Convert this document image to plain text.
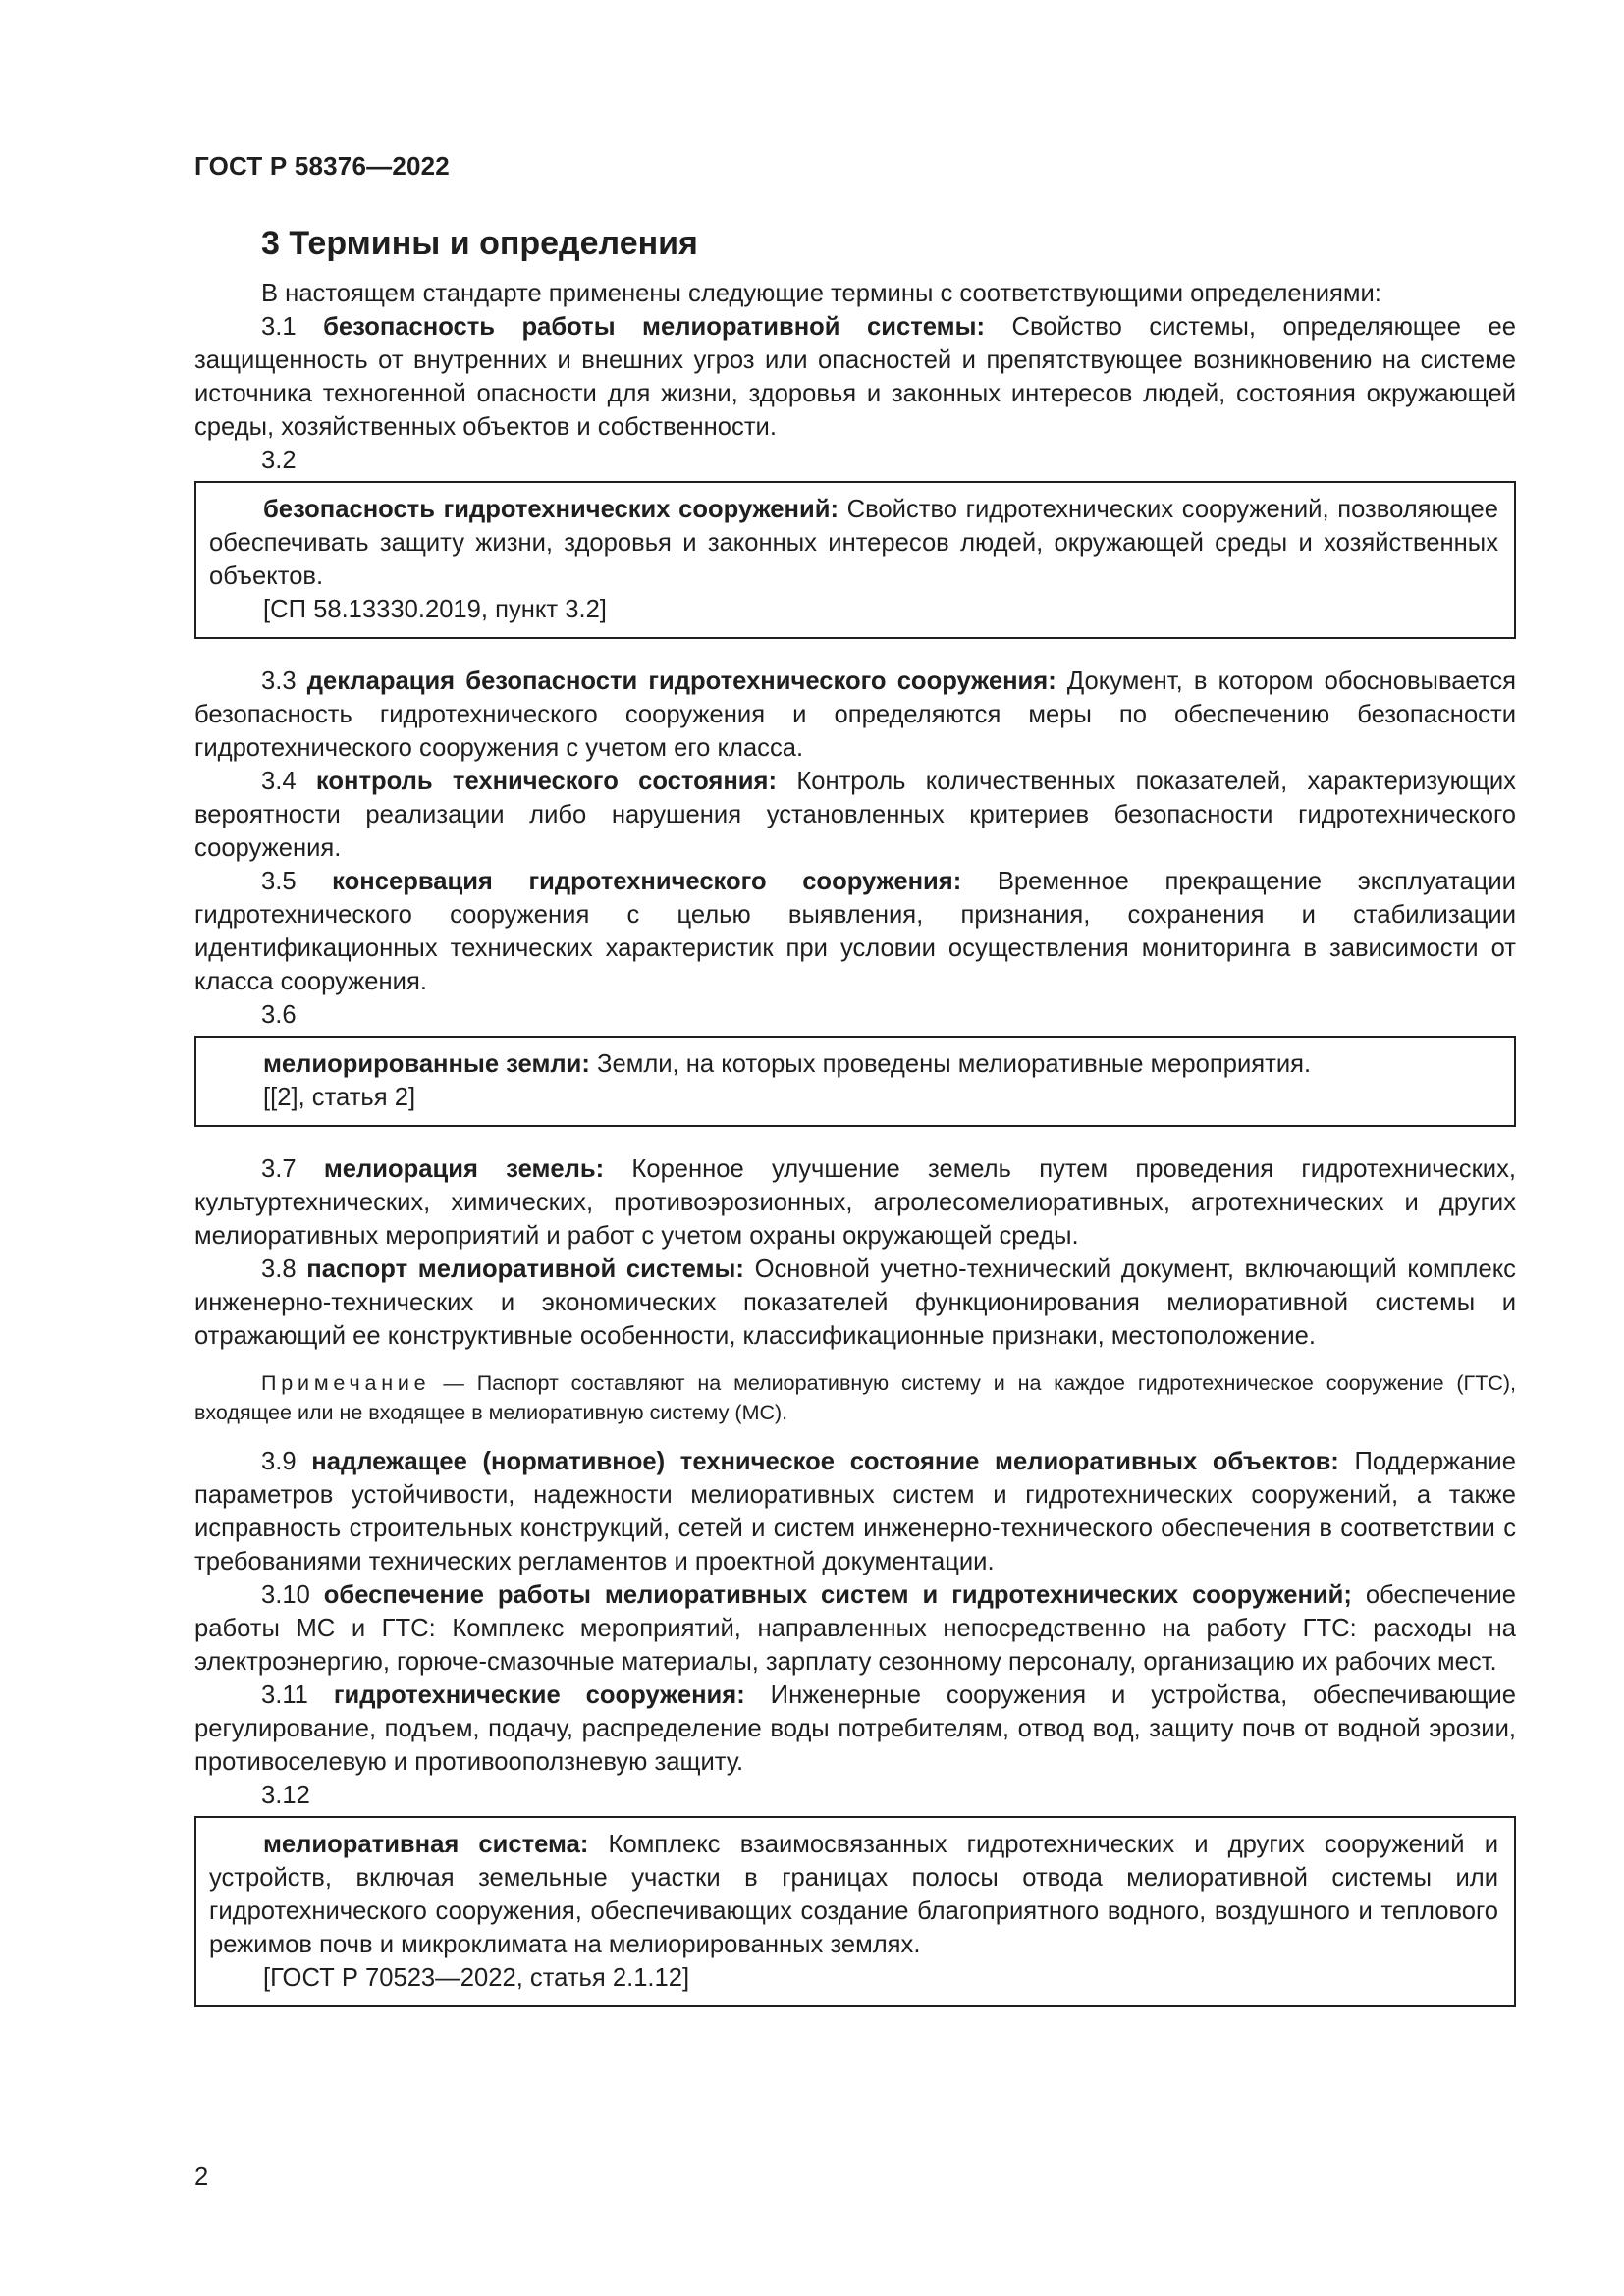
ГОСТ Р 58376—2022
3 Термины и определения

В настоящем стандарте применены следующие термины с соответствующими определениями:

3.1 безопасность работы мелиоративной системы: Свойство системы, определяющее ее защищенность от внутренних и внешних угроз или опасностей и препятствующее возникновению на системе источника техногенной опасности для жизни, здоровья и законных интересов людей, состояния окружающей среды, хозяйственных объектов и собственности.

3.2

безопасность гидротехнических сооружений: Свойство гидротехнических сооружений, позволяющее обеспечивать защиту жизни, здоровья и законных интересов людей, окружающей среды и хозяйственных объектов.

[СП 58.13330.2019, пункт 3.2]

3.3 декларация безопасности гидротехнического сооружения: Документ, в котором обосновывается безопасность гидротехнического сооружения и определяются меры по обеспечению безопасности гидротехнического сооружения с учетом его класса.

3.4 контроль технического состояния: Контроль количественных показателей, характеризующих вероятности реализации либо нарушения установленных критериев безопасности гидротехнического сооружения.

3.5 консервация гидротехнического сооружения: Временное прекращение эксплуатации гидротехнического сооружения с целью выявления, признания, сохранения и стабилизации идентификационных технических характеристик при условии осуществления мониторинга в зависимости от класса сооружения.

3.6

мелиорированные земли: Земли, на которых проведены мелиоративные мероприятия.

[[2], статья 2]

3.7 мелиорация земель: Коренное улучшение земель путем проведения гидротехнических, культуртехнических, химических, противоэрозионных, агролесомелиоративных, агротехнических и других мелиоративных мероприятий и работ с учетом охраны окружающей среды.

3.8 паспорт мелиоративной системы: Основной учетно-технический документ, включающий комплекс инженерно-технических и экономических показателей функционирования мелиоративной системы и отражающий ее конструктивные особенности, классификационные признаки, местоположение.

Примечание — Паспорт составляют на мелиоративную систему и на каждое гидротехническое сооружение (ГТС), входящее или не входящее в мелиоративную систему (МС).

3.9 надлежащее (нормативное) техническое состояние мелиоративных объектов: Поддержание параметров устойчивости, надежности мелиоративных систем и гидротехнических сооружений, а также исправность строительных конструкций, сетей и систем инженерно-технического обеспечения в соответствии с требованиями технических регламентов и проектной документации.

3.10 обеспечение работы мелиоративных систем и гидротехнических сооружений; обеспечение работы МС и ГТС: Комплекс мероприятий, направленных непосредственно на работу ГТС: расходы на электроэнергию, горюче-смазочные материалы, зарплату сезонному персоналу, организацию их рабочих мест.

3.11 гидротехнические сооружения: Инженерные сооружения и устройства, обеспечивающие регулирование, подъем, подачу, распределение воды потребителям, отвод вод, защиту почв от водной эрозии, противоселевую и противооползневую защиту.

3.12

мелиоративная система: Комплекс взаимосвязанных гидротехнических и других сооружений и устройств, включая земельные участки в границах полосы отвода мелиоративной системы или гидротехнического сооружения, обеспечивающих создание благоприятного водного, воздушного и теплового режимов почв и микроклимата на мелиорированных землях.

[ГОСТ Р 70523—2022, статья 2.1.12]

2
